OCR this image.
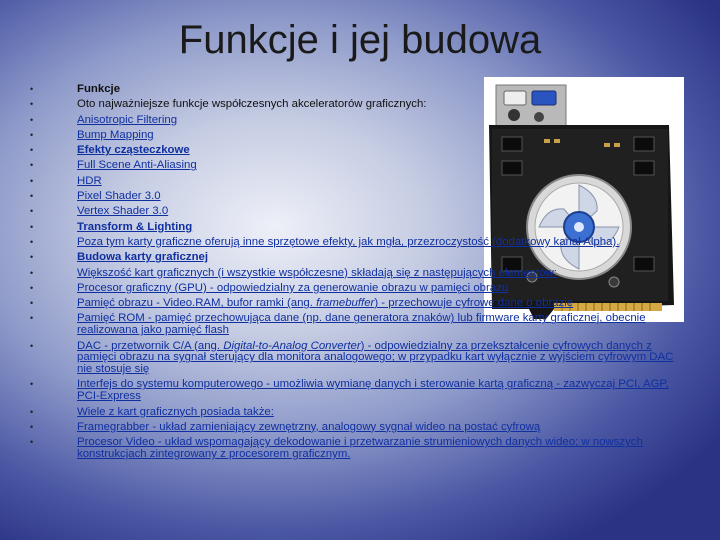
Funkcje i jej budowa
• Funkcje
• Oto najważniejsze funkcje współczesnych akceleratorów graficznych:
• Anisotropic Filtering
• Bump Mapping
• Efekty cząsteczkowe
• Full Scene Anti-Aliasing
• HDR
• Pixel Shader 3.0
• Vertex Shader 3.0
• Transform & Lighting
• Poza tym karty graficzne oferują inne sprzętowe efekty, jak mgła, przezroczystość (dodatkowy kanał Alpha).
• Budowa karty graficznej
• Większość kart graficznych (i wszystkie współczesne) składają się z następujących elementów:
• Procesor graficzny (GPU) - odpowiedzialny za generowanie obrazu w pamięci obrazu
• Pamięć obrazu - Video.RAM, bufor ramki (ang. framebuffer) - przechowuje cyfrowe dane o obrazie
• Pamięć ROM - pamięć przechowująca dane (np. dane generatora znaków) lub firmware karty graficznej, obecnie realizowana jako pamięć flash
• DAC - przetwornik C/A (ang. Digital-to-Analog Converter) - odpowiedzialny za przekształcenie cyfrowych danych z pamięci obrazu na sygnał sterujący dla monitora analogowego; w przypadku kart wyłącznie z wyjściem cyfrowym DAC nie stosuje się
• Interfejs do systemu komputerowego - umożliwia wymianę danych i sterowanie kartą graficzną - zazwyczaj PCI, AGP, PCI-Express
• Wiele z kart graficznych posiada także:
• Framegrabber - układ zamieniający zewnętrzny, analogowy sygnał wideo na postać cyfrową
• Procesor Video - układ wspomagający dekodowanie i przetwarzanie strumieniowych danych wideo; w nowszych konstrukcjach zintegrowany z procesorem graficznym.
